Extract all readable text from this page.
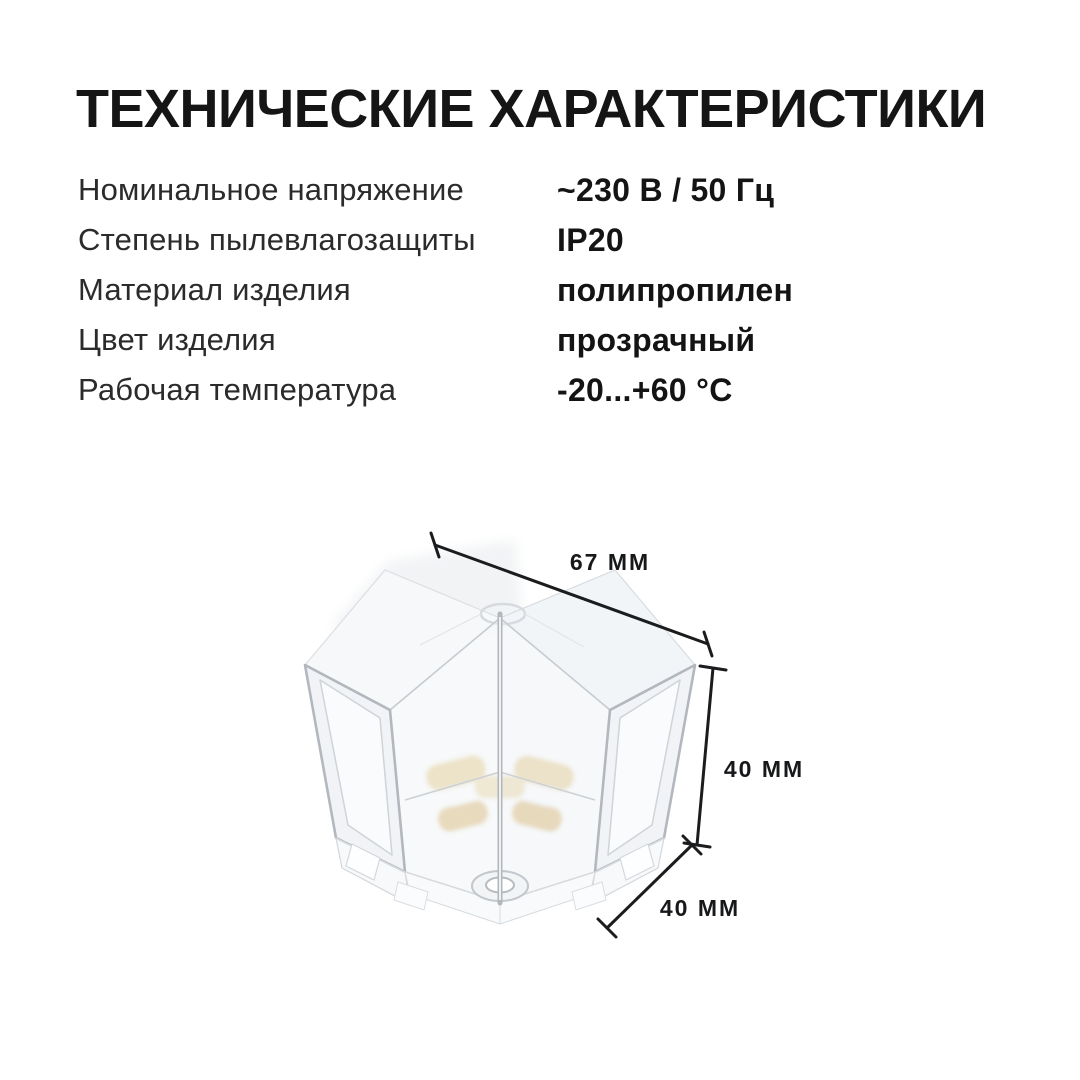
ТЕХНИЧЕСКИЕ ХАРАКТЕРИСТИКИ
Номинальное напряжение	~230 В / 50 Гц
Степень пылевлагозащиты	IP20
Материал изделия	полипропилен
Цвет изделия	прозрачный
Рабочая температура	-20...+60 °C
67 ММ
40 ММ
40 ММ
